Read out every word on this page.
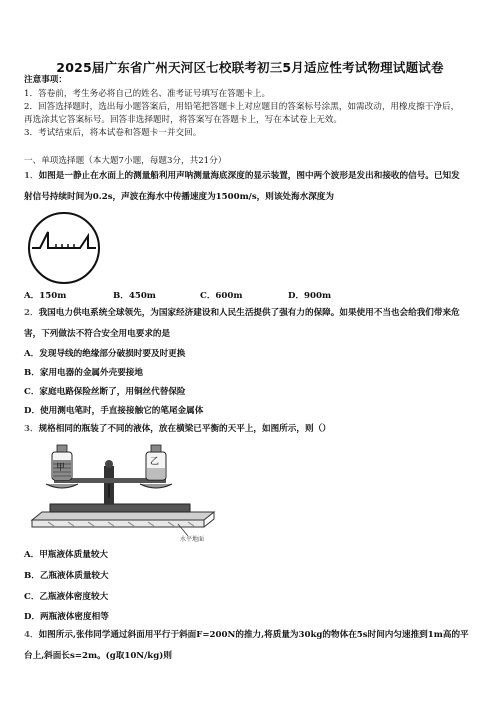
2025届广东省广州天河区七校联考初三5月适应性考试物理试题试卷
注意事项：
1．答卷前，考生务必将自己的姓名、准考证号填写在答题卡上。
2．回答选择题时，选出每小题答案后，用铅笔把答题卡上对应题目的答案标号涂黑，如需改动，用橡皮擦干净后，
再选涂其它答案标号。回答非选择题时，将答案写在答题卡上，写在本试卷上无效。
3．考试结束后，将本试卷和答题卡一并交回。
一、单项选择题（本大题7小题，每题3分，共21分）
1．如图是一静止在水面上的测量船利用声呐测量海底深度的显示装置，图中两个波形是发出和接收的信号。已知发
射信号持续时间为0.2s，声波在海水中传播速度为1500m/s，则该处海水深度为
A．150m	B．450m	C．600m	D．900m
2．我国电力供电系统全球领先，为国家经济建设和人民生活提供了强有力的保障。如果使用不当也会给我们带来危
害，下列做法不符合安全用电要求的是
A．发现导线的绝缘部分破损时要及时更换
B．家用电器的金属外壳要接地
C．家庭电路保险丝断了，用铜丝代替保险
D．使用测电笔时，手直接接触它的笔尾金属体
3．规格相同的瓶装了不同的液体，放在横梁已平衡的天平上，如图所示，则（）
甲
乙
水平地面
A．甲瓶液体质量较大
B．乙瓶液体质量较大
C．乙瓶液体密度较大
D．两瓶液体密度相等
4．如图所示,张伟同学通过斜面用平行于斜面F=200N的推力,将质量为30kg的物体在5s时间内匀速推到1m高的平
台上,斜面长s=2m。(g取10N/kg)则
